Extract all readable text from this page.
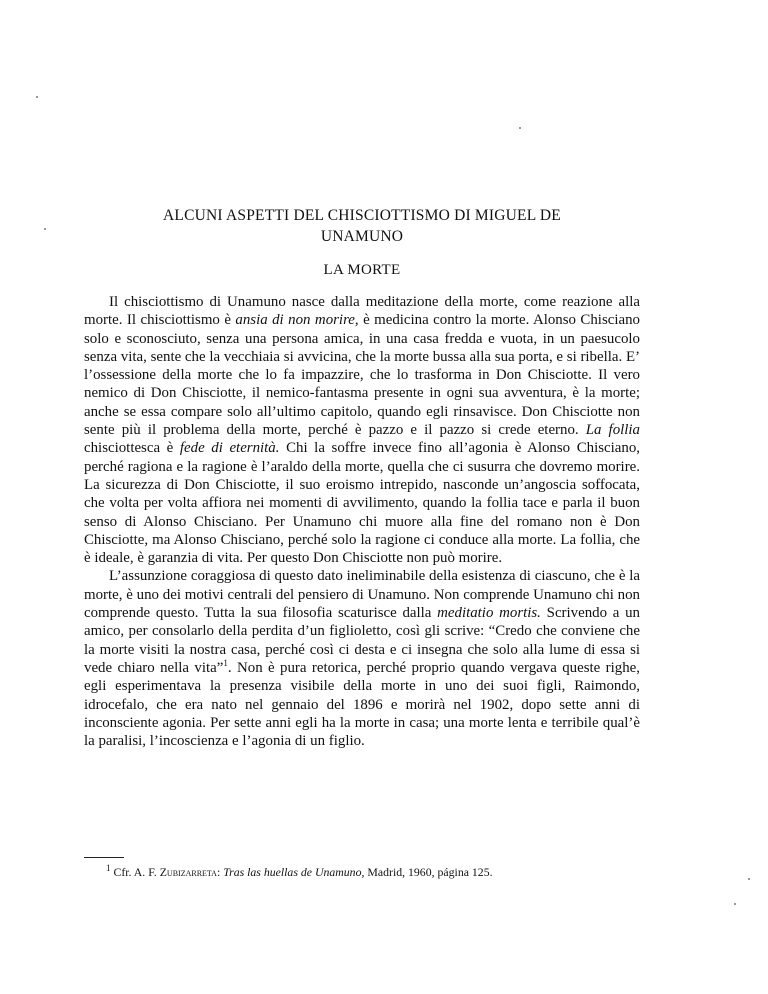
ALCUNI ASPETTI DEL CHISCIOTTISMO DI MIGUEL DE
UNAMUNO
LA MORTE

Il chisciottismo di Unamuno nasce dalla meditazione della morte, come reazione alla morte. Il chisciottismo è ansia di non morire, è medicina contro la morte. Alonso Chisciano solo e sconosciuto, senza una persona amica, in una casa fredda e vuota, in un paesucolo senza vita, sente che la vecchiaia si avvicina, che la morte bussa alla sua porta, e si ribella. E’ l’ossessione della morte che lo fa impazzire, che lo trasforma in Don Chisciotte. Il vero nemico di Don Chisciotte, il nemico-fantasma presente in ogni sua avventura, è la morte; anche se essa compare solo all’ultimo capitolo, quando egli rinsavisce. Don Chisciotte non sente più il problema della morte, perché è pazzo e il pazzo si crede eterno. La follia chisciottesca è fede di eternità. Chi la soffre invece fino all’agonia è Alonso Chisciano, perché ragiona e la ragione è l’araldo della morte, quella che ci susurra che dovremo morire. La sicurezza di Don Chisciotte, il suo eroismo intrepido, nasconde un’angoscia soffocata, che volta per volta affiora nei momenti di avvilimento, quando la follia tace e parla il buon senso di Alonso Chisciano. Per Unamuno chi muore alla fine del romano non è Don Chisciotte, ma Alonso Chisciano, perché solo la ragione ci conduce alla morte. La follia, che è ideale, è garanzia di vita. Per questo Don Chisciotte non può morire.

L’assunzione coraggiosa di questo dato ineliminabile della esistenza di ciascuno, che è la morte, è uno dei motivi centrali del pensiero di Unamuno. Non comprende Unamuno chi non comprende questo. Tutta la sua filosofia scaturisce dalla meditatio mortis. Scrivendo a un amico, per consolarlo della perdita d’un figlioletto, così gli scrive: “Credo che conviene che la morte visiti la nostra casa, perché così ci desta e ci insegna che solo alla lume di essa si vede chiaro nella vita”$^1$. Non è pura retorica, perché proprio quando vergava queste righe, egli esperimentava la presenza visibile della morte in uno dei suoi figli, Raimondo, idrocefalo, che era nato nel gennaio del 1896 e morirà nel 1902, dopo sette anni di inconsciente agonia. Per sette anni egli ha la morte in casa; una morte lenta e terribile qual’è la paralisi, l’incoscienza e l’agonia di un figlio.

$^1$ Cfr. A. F. Zubizarreta: Tras las huellas de Unamuno, Madrid, 1960, página 125.
